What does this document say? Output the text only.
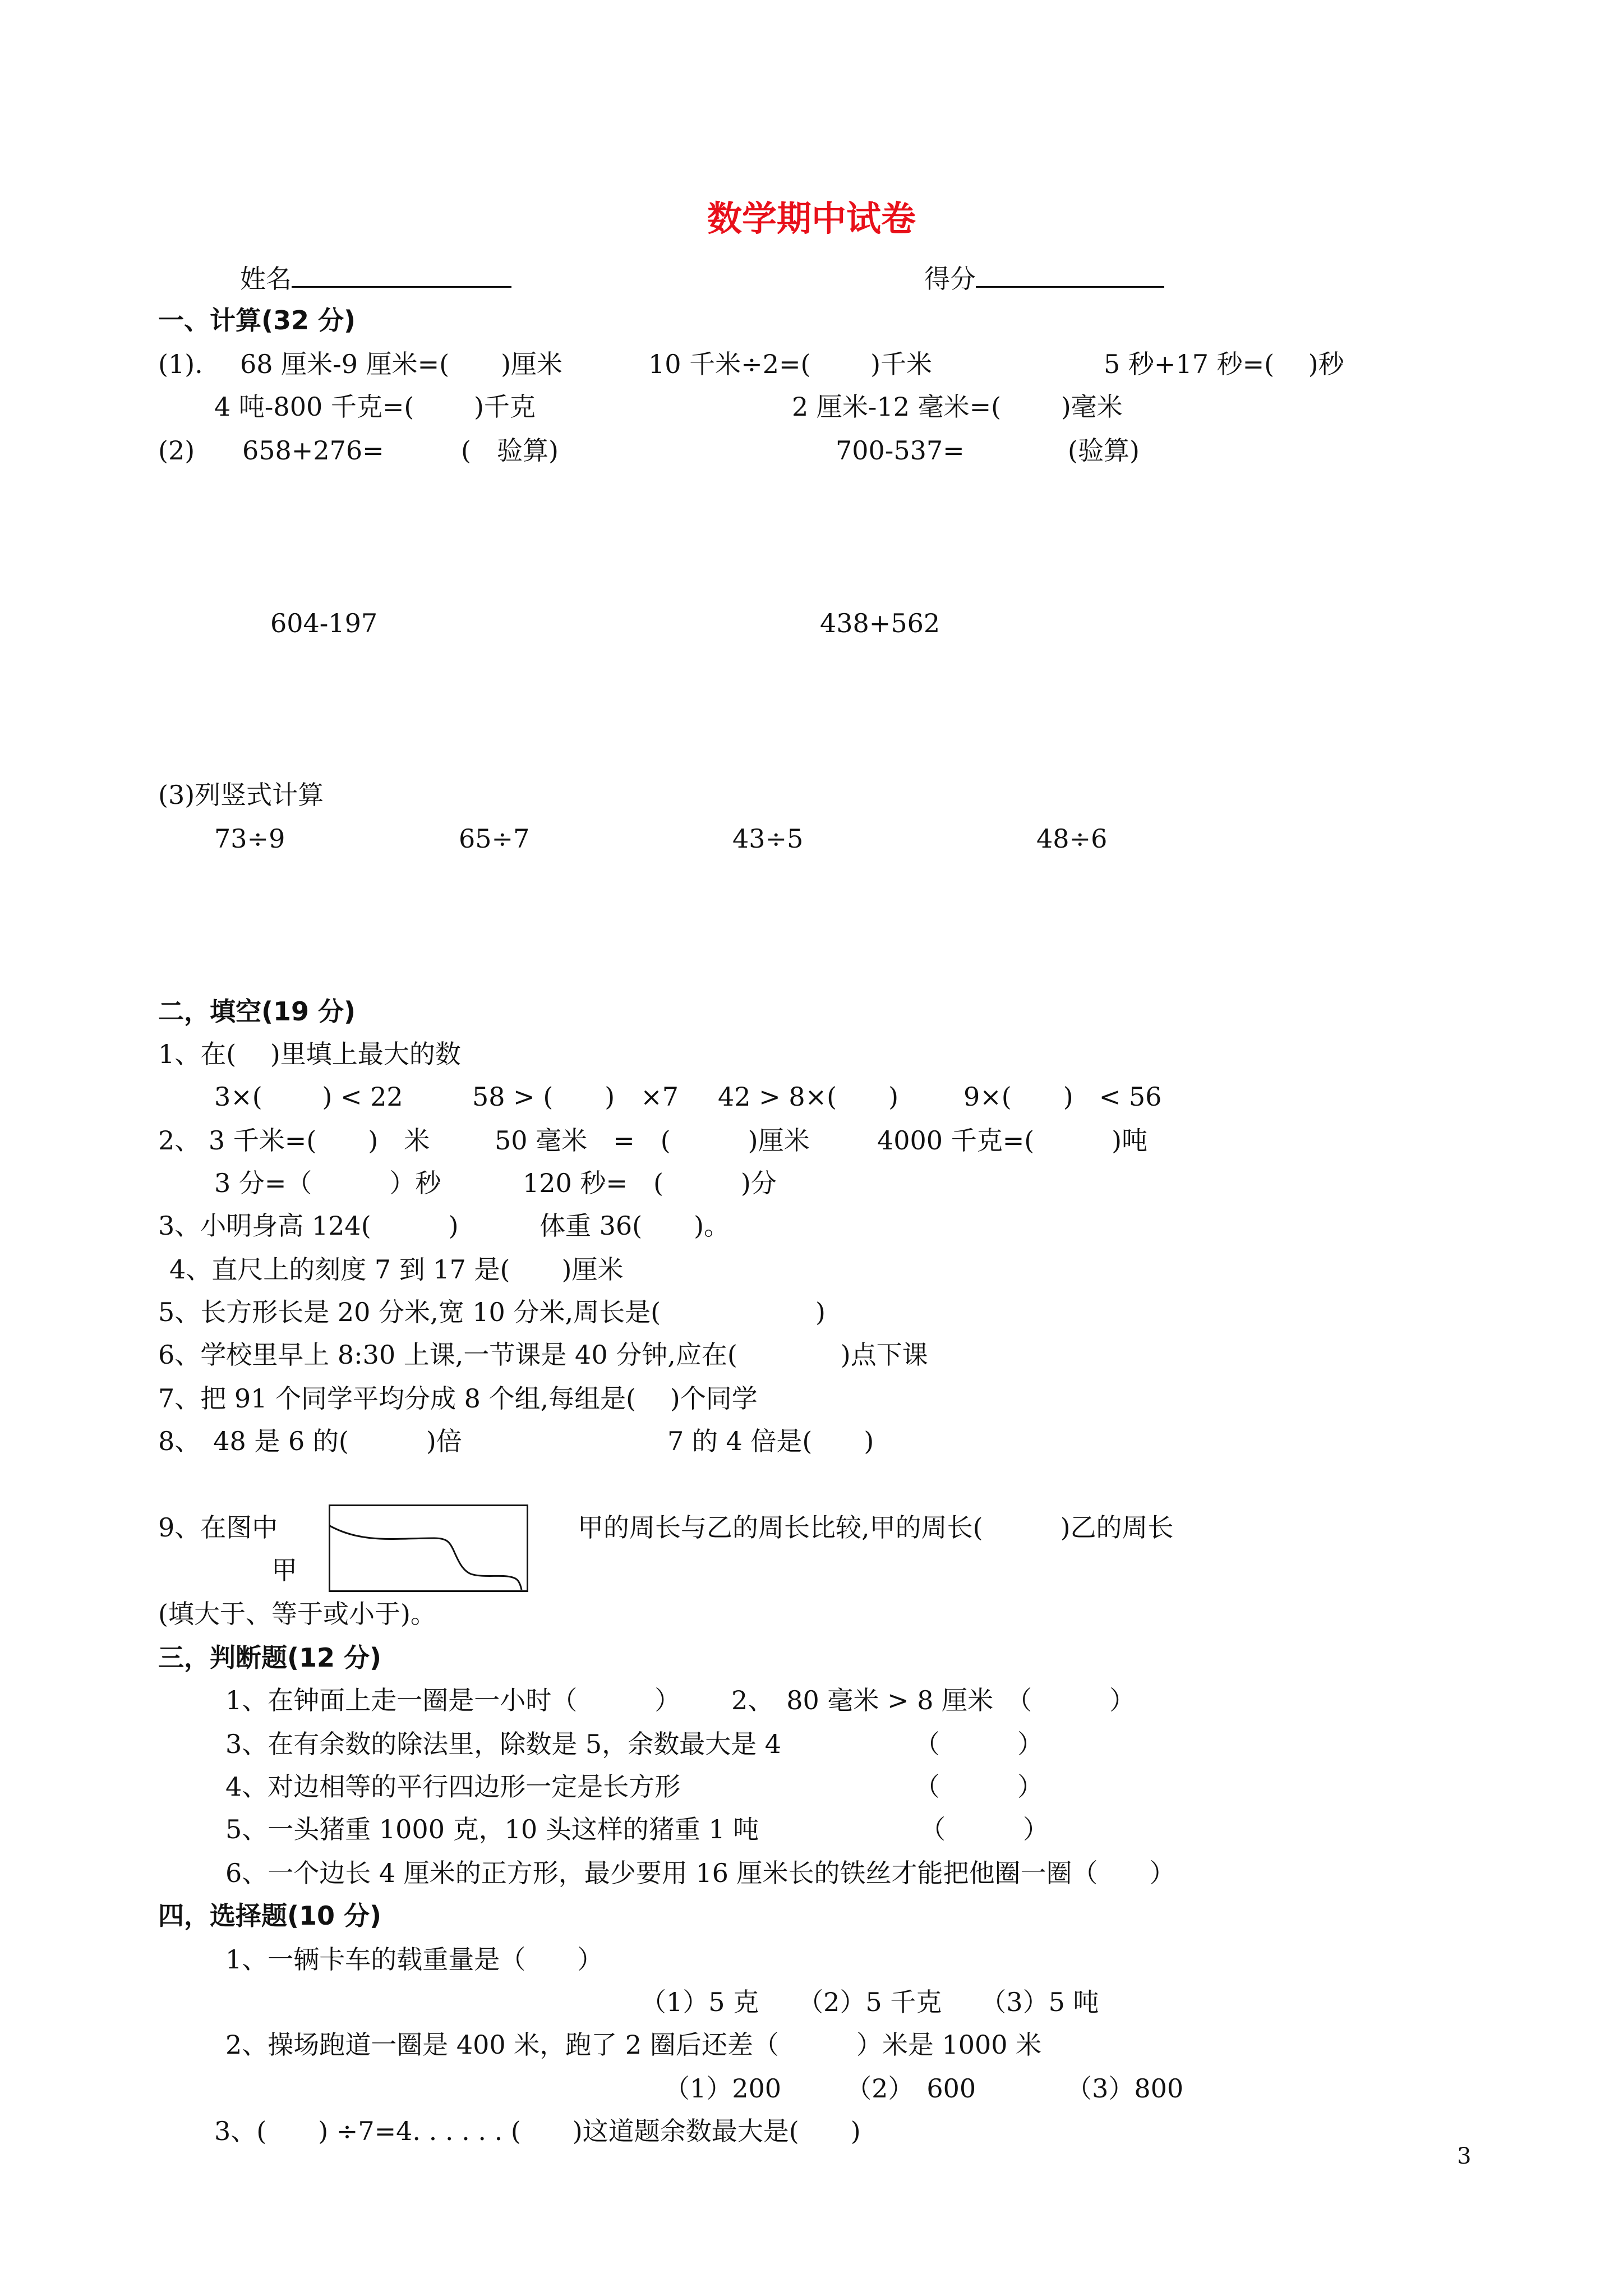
数学期中试卷
姓名	得分
一、计算(32 分)
(1). 68 厘米-9 厘米=(　　)厘米	10 千米÷2=(　　 )千米	5 秒+17 秒=(　 )秒
4 吨-800 千克=(　　 )千克	2 厘米-12 毫米=(　　 )毫米
(2) 658+276=	(　验算)	700-537=	(验算)
604-197	438+562
(3)列竖式计算
73÷9	65÷7	43÷5	48÷6
二，填空(19 分)
1、在(　 )里填上最大的数
3×(　　 ) < 22	58 > (　　)　×7 42 > 8×(　　)	9×(　　)　< 56
2、 3 千米=(　　)　米	50 毫米　=　(　　　)厘米	4000 千克=(　　　)吨
3 分=（　　　）秒	120 秒=　(　　　)分
3、小明身高 124(　　　)	体重 36(　　)。
4、直尺上的刻度 7 到 17 是(　　)厘米
5、长方形长是 20 分米,宽 10 分米,周长是(　　　　　　)
6、学校里早上 8:30 上课,一节课是 40 分钟,应在(　　　　)点下课
7、把 91 个同学平均分成 8 个组,每组是(　 )个同学
8、　48 是 6 的(　　　)倍	7 的 4 倍是(　　)
9、在图中
甲
甲的周长与乙的周长比较,甲的周长(　　　)乙的周长
(填大于、等于或小于)。
三，判断题(12 分)
1、在钟面上走一圈是一小时（　　　） 2、　80 毫米 > 8 厘米　（　　　）
3、在有余数的除法里，除数是 5，余数最大是 4	（　　　）
4、对边相等的平行四边形一定是长方形	（　　　）
5、一头猪重 1000 克，10 头这样的猪重 1 吨	（　　　）
6、一个边长 4 厘米的正方形，最少要用 16 厘米长的铁丝才能把他圈一圈（　　）
四，选择题(10 分)
1、一辆卡车的载重量是（　　）
（1）5 克　　（2）5 千克　　（3）5 吨
2、操场跑道一圈是 400 米，跑了 2 圈后还差（　　　）米是 1000 米
（1）200　　　（2）　600　　　　（3）800
3、(　　) ÷7=4. . . . . . (　　)这道题余数最大是(　　)
3
